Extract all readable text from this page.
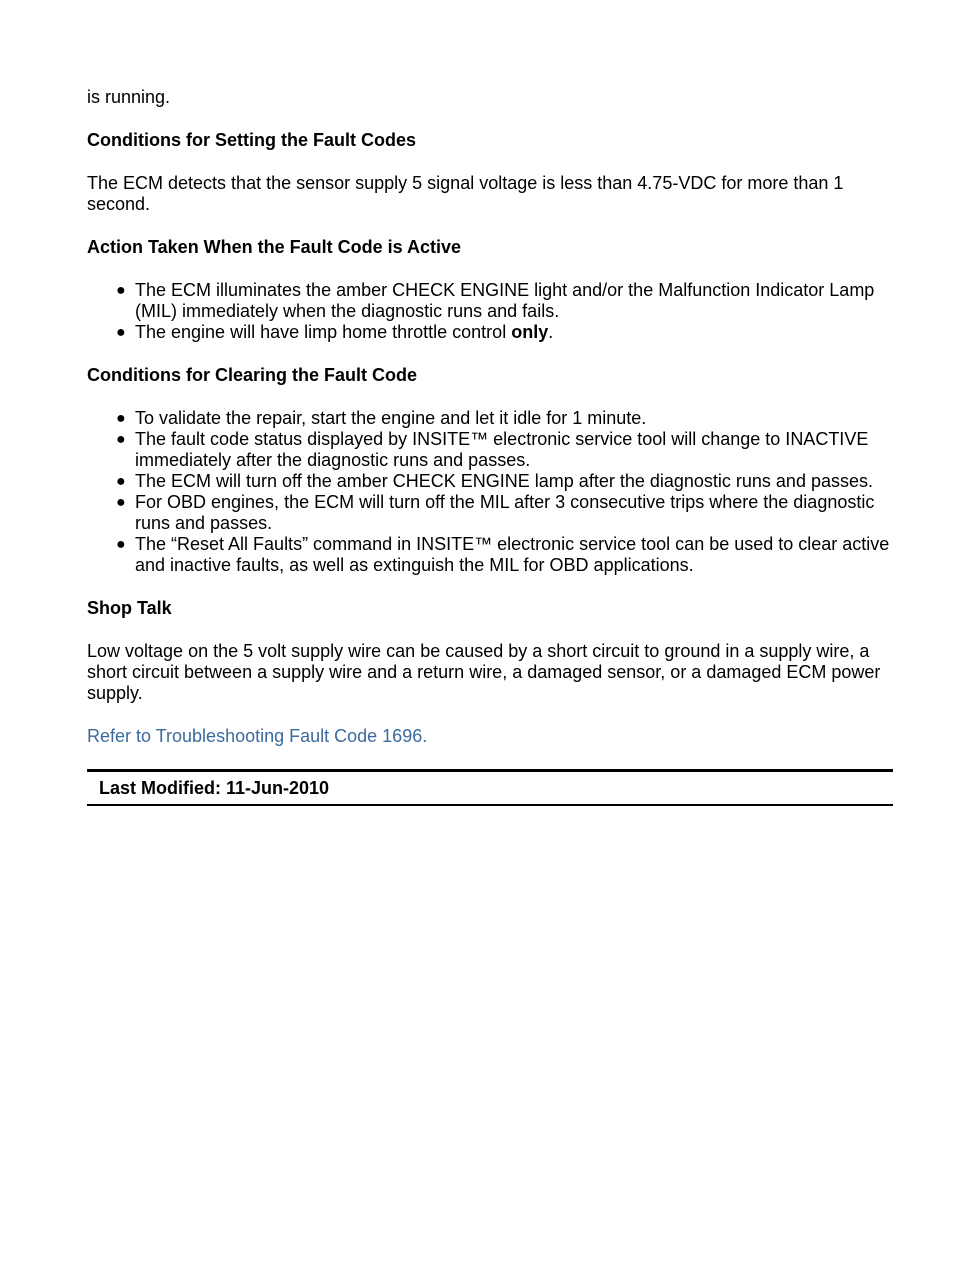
is running.

Conditions for Setting the Fault Codes

The ECM detects that the sensor supply 5 signal voltage is less than 4.75-VDC for more than 1 second.

Action Taken When the Fault Code is Active
● The ECM illuminates the amber CHECK ENGINE light and/or the Malfunction Indicator Lamp (MIL) immediately when the diagnostic runs and fails.
● The engine will have limp home throttle control only.
Conditions for Clearing the Fault Code
● To validate the repair, start the engine and let it idle for 1 minute.
● The fault code status displayed by INSITE™ electronic service tool will change to INACTIVE immediately after the diagnostic runs and passes.
● The ECM will turn off the amber CHECK ENGINE lamp after the diagnostic runs and passes.
● For OBD engines, the ECM will turn off the MIL after 3 consecutive trips where the diagnostic runs and passes.
● The “Reset All Faults” command in INSITE™ electronic service tool can be used to clear active and inactive faults, as well as extinguish the MIL for OBD applications.
Shop Talk

Low voltage on the 5 volt supply wire can be caused by a short circuit to ground in a supply wire, a short circuit between a supply wire and a return wire, a damaged sensor, or a damaged ECM power supply.

Refer to Troubleshooting Fault Code 1696.
Last Modified: 11-Jun-2010
